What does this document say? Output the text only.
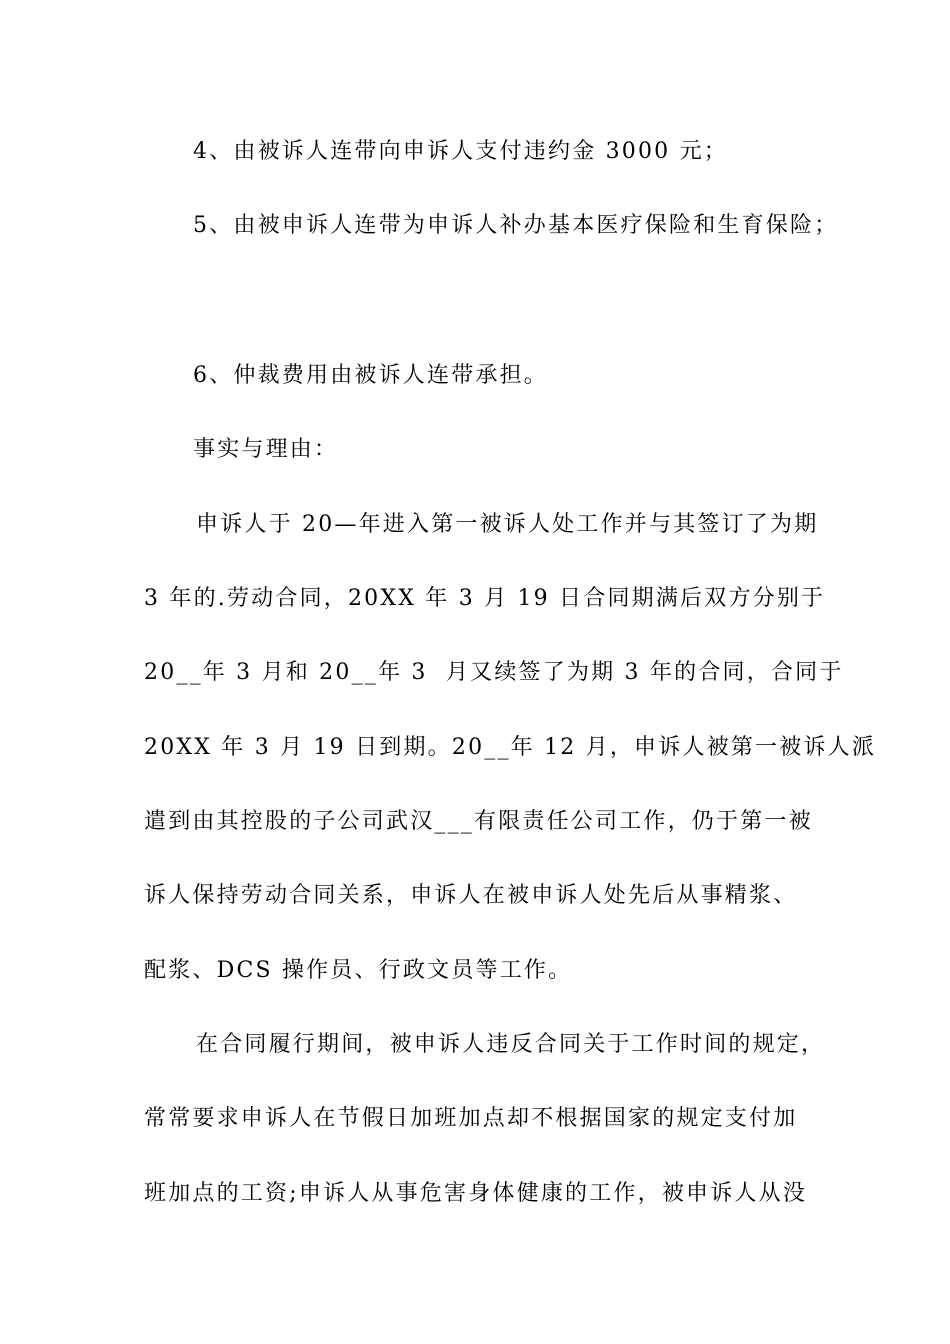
4、由被诉人连带向申诉人支付违约金 3000 元；
5、由被申诉人连带为申诉人补办基本医疗保险和生育保险；
6、仲裁费用由被诉人连带承担。
事实与理由：
申诉人于 20—年进入第一被诉人处工作并与其签订了为期
3 年的.劳动合同，20XX 年 3 月 19 日合同期满后双方分别于
20__年 3 月和 20__年 3  月又续签了为期 3 年的合同，合同于
20XX 年 3 月 19 日到期。20__年 12 月，申诉人被第一被诉人派
遣到由其控股的子公司武汉___有限责任公司工作，仍于第一被
诉人保持劳动合同关系，申诉人在被申诉人处先后从事精浆、
配浆、DCS 操作员、行政文员等工作。
在合同履行期间，被申诉人违反合同关于工作时间的规定，
常常要求申诉人在节假日加班加点却不根据国家的规定支付加
班加点的工资;申诉人从事危害身体健康的工作，被申诉人从没
